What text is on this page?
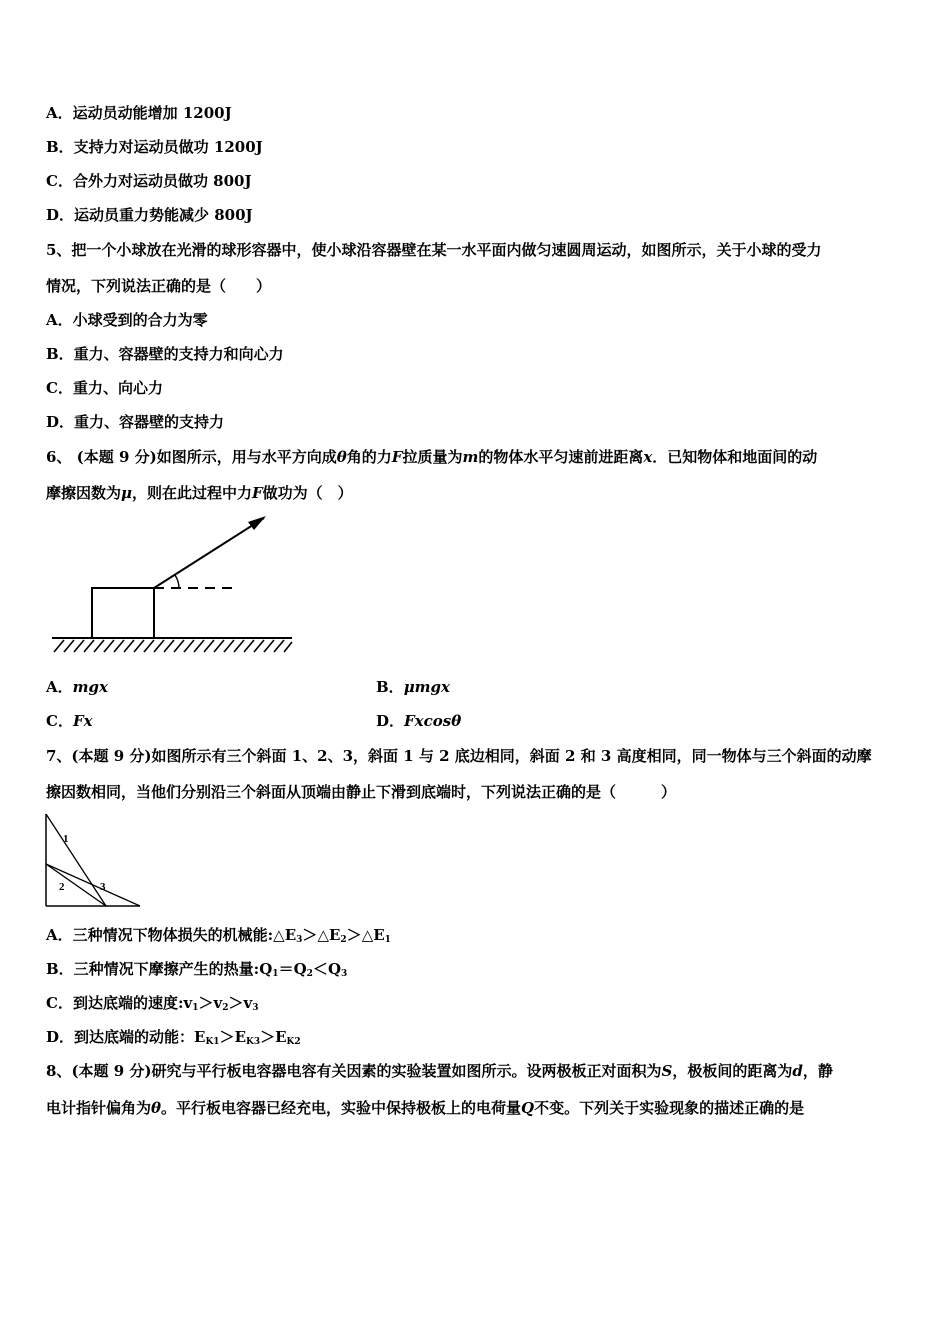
A．运动员动能增加 1200J
B．支持力对运动员做功 1200J
C．合外力对运动员做功 800J
D．运动员重力势能减少 800J
5、把一个小球放在光滑的球形容器中，使小球沿容器壁在某一水平面内做匀速圆周运动，如图所示，关于小球的受力
情况，下列说法正确的是（　　）
A．小球受到的合力为零
B．重力、容器壁的支持力和向心力
C．重力、向心力
D．重力、容器壁的支持力
6、 (本题 9 分)如图所示，用与水平方向成θ角的力F拉质量为m的物体水平匀速前进距离x．已知物体和地面间的动
摩擦因数为μ，则在此过程中力F做功为（　）
A．mgx	B．μmgx
C．Fx	D．Fxcosθ
7、(本题 9 分)如图所示有三个斜面 1、2、3，斜面 1 与 2 底边相同，斜面 2 和 3 高度相同，同一物体与三个斜面的动摩
擦因数相同，当他们分别沿三个斜面从顶端由静止下滑到底端时，下列说法正确的是（　　　）
1
2	3
A．三种情况下物体损失的机械能$:\triangle E_3>\triangle E_2>\triangle E_1$
B．三种情况下摩擦产生的热量$:Q_1=Q_2<Q_3$
C．到达底端的速度$:v_1>v_2>v_3$
D．到达底端的动能：$E_{K1}>E_{K3}>E_{K2}$
8、(本题 9 分)研究与平行板电容器电容有关因素的实验装置如图所示。设两极板正对面积为S，极板间的距离为d，静
电计指针偏角为θ。平行板电容器已经充电，实验中保持极板上的电荷量Q不变。下列关于实验现象的描述正确的是
